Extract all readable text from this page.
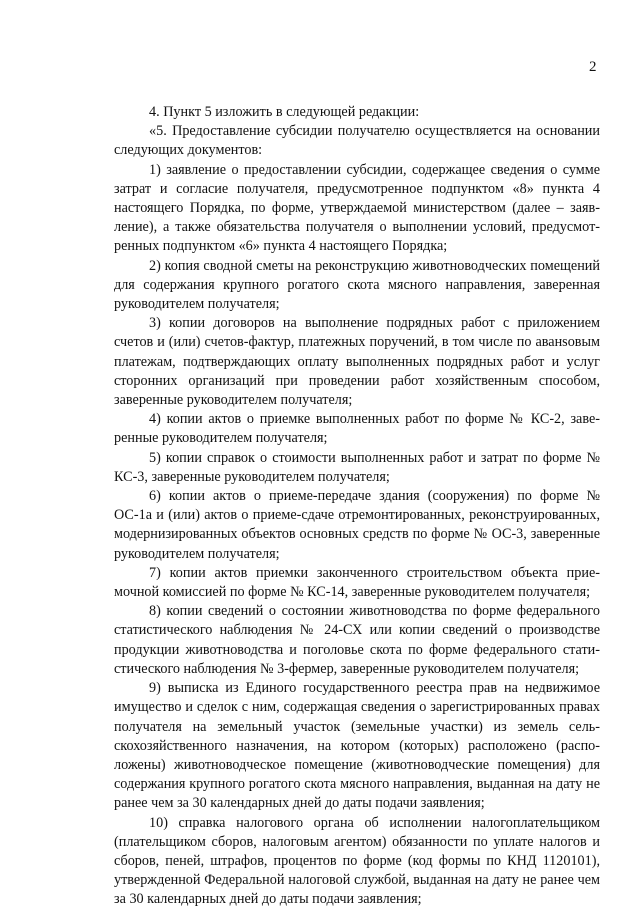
2

4. Пункт 5 изложить в следующей редакции:

«5. Предоставление субсидии получателю осуществляется на основании следующих документов:

1) заявление о предоставлении субсидии, содержащее сведения о сумме затрат и согласие получателя, предусмотренное подпунктом «8» пункта 4 настоящего Порядка, по форме, утверждаемой министерством (далее – заявление), а также обязательства получателя о выполнении условий, предусмотренных подпунктом «6» пункта 4 настоящего Порядка;

2) копия сводной сметы на реконструкцию животноводческих помещений для содержания крупного рогатого скота мясного направления, заверенная руководителем получателя;

3) копии договоров на выполнение подрядных работ с приложением счетов и (или) счетов-фактур, платежных поручений, в том числе по аванsoвым платежам, подтверждающих оплату выполненных подрядных работ и услуг сторонних организаций при проведении работ хозяйственным способом, заверенные руководителем получателя;

4) копии актов о приемке выполненных работ по форме № КС-2, заверенные руководителем получателя;

5) копии справок о стоимости выполненных работ и затрат по форме № КС-3, заверенные руководителем получателя;

6) копии актов о приеме-передаче здания (сооружения) по форме № ОС-1а и (или) актов о приеме-сдаче отремонтированных, реконструированных, модернизированных объектов основных средств по форме № ОС-3, заверенные руководителем получателя;

7) копии актов приемки законченного строительством объекта приемочной комиссией по форме № КС-14, заверенные руководителем получателя;

8) копии сведений о состоянии животноводства по форме федерального статистического наблюдения № 24-СХ или копии сведений о производстве продукции животноводства и поголовье скота по форме федерального статистического наблюдения № 3-фермер, заверенные руководителем получателя;

9) выписка из Единого государственного реестра прав на недвижимое имущество и сделок с ним, содержащая сведения о зарегистрированных правах получателя на земельный участок (земельные участки) из земель сельскохозяйственного назначения, на котором (которых) расположено (расположены) животноводческое помещение (животноводческие помещения) для содержания крупного рогатого скота мясного направления, выданная на дату не ранее чем за 30 календарных дней до даты подачи заявления;

10) справка налогового органа об исполнении налогоплательщиком (плательщиком сборов, налоговым агентом) обязанности по уплате налогов и сборов, пеней, штрафов, процентов по форме (код формы по КНД 1120101), утвержденной Федеральной налоговой службой, выданная на дату не ранее чем за 30 календарных дней до даты подачи заявления;
